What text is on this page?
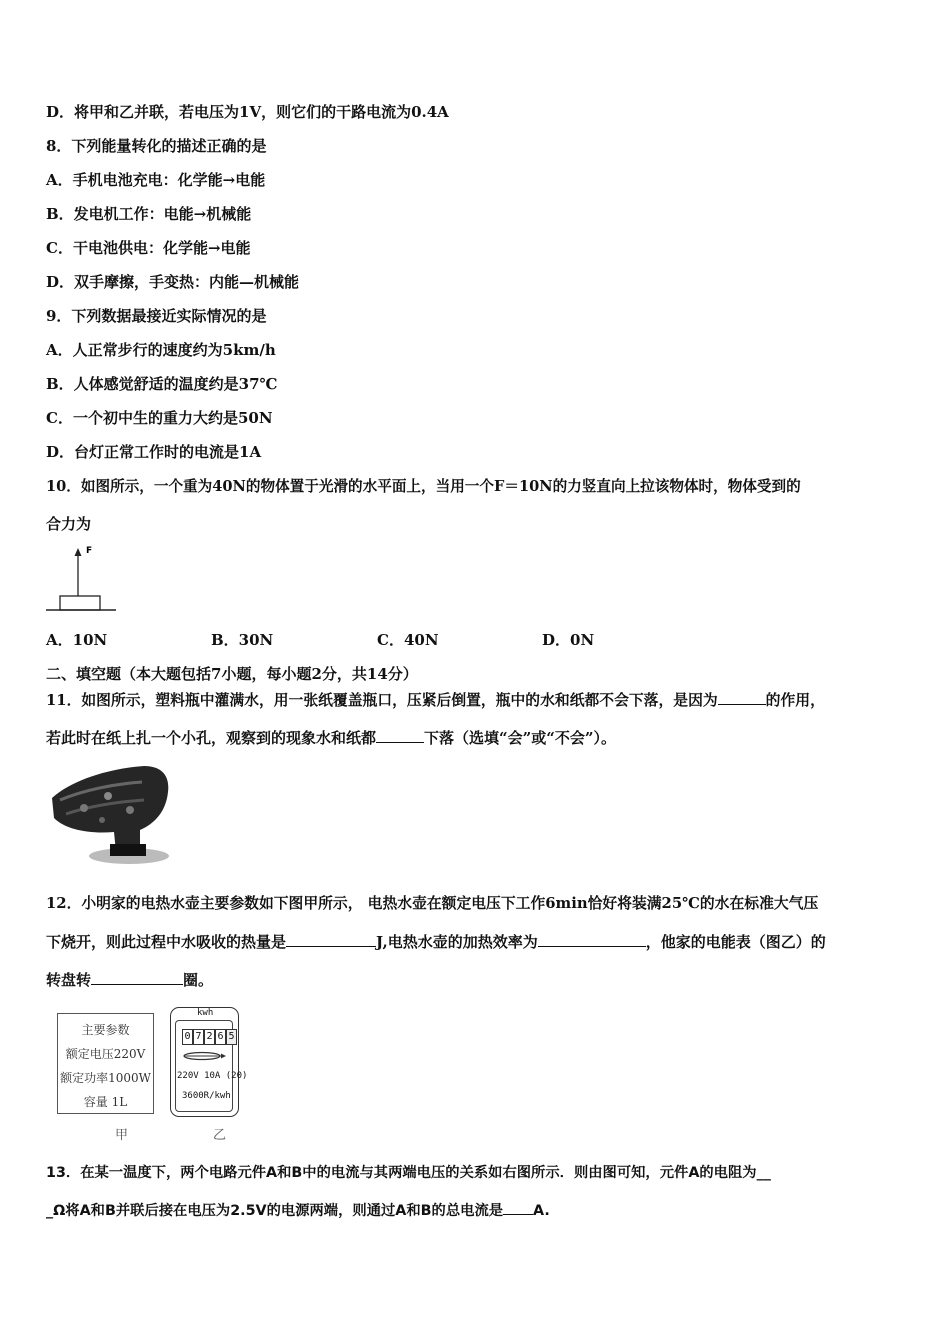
D．将甲和乙并联，若电压为1V，则它们的干路电流为0.4A
8．下列能量转化的描述正确的是
A．手机电池充电：化学能→电能
B．发电机工作：电能→机械能
C．干电池供电：化学能→电能
D．双手摩擦，手变热：内能—机械能
9．下列数据最接近实际情况的是
A．人正常步行的速度约为5km/h
B．人体感觉舒适的温度约是37℃
C．一个初中生的重力大约是50N
D．台灯正常工作时的电流是1A
10．如图所示，一个重为40N的物体置于光滑的水平面上，当用一个F＝10N的力竖直向上拉该物体时，物体受到的
合力为
F
A．10N	B．30N	C．40N	D．0N
二、填空题（本大题包括7小题，每小题2分，共14分）
11．如图所示，塑料瓶中灌满水，用一张纸覆盖瓶口，压紧后倒置，瓶中的水和纸都不会下落，是因为	的作用，
若此时在纸上扎一个小孔，观察到的现象水和纸都	下落（选填“会”或“不会”）。
12．小明家的电热水壶主要参数如下图甲所示， 电热水壶在额定电压下工作6min恰好将装满25℃的水在标准大气压
下烧开，则此过程中水吸收的热量是	J,电热水壶的加热效率为	，他家的电能表（图乙）的
转盘转	圈。
主要参数
额定电压220V
额定功率1000W
容量 1L
甲
kwh
0 7 2 6 5
220V 10A (20)
3600R/kwh
乙
13．在某一温度下，两个电路元件A和B中的电流与其两端电压的关系如右图所示．则由图可知，元件A的电阻为__
_Ω将A和B并联后接在电压为2.5V的电源两端，则通过A和B的总电流是 A.
